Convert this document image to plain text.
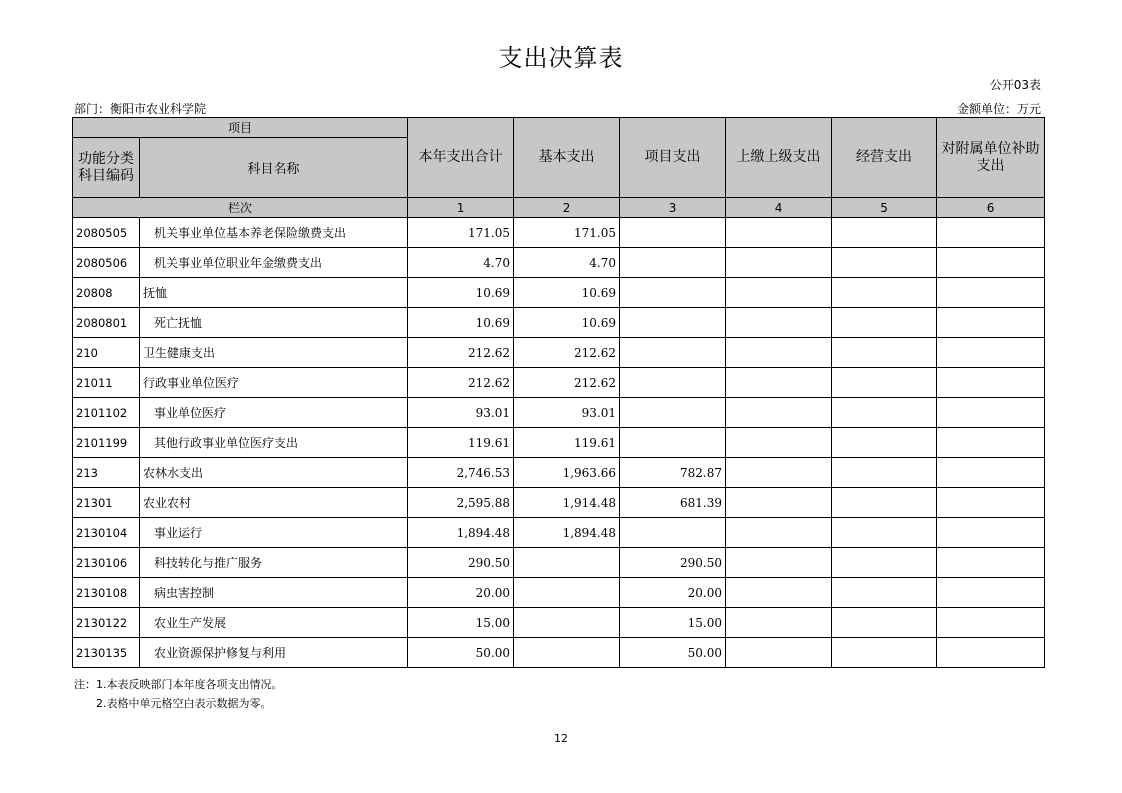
支出决算表
公开03表
部门：衡阳市农业科学院	金额单位：万元
项目		本年支出合计	基本支出	项目支出	上缴上级支出	经营支出	对附属单位补助支出
功能分类 科目编码	科目名称						
栏次		1	2	3	4	5	6
2080505	机关事业单位基本养老保险缴费支出	171.05	171.05				
2080506	机关事业单位职业年金缴费支出	4.70	4.70				
20808	抚恤	10.69	10.69				
2080801	死亡抚恤	10.69	10.69				
210	卫生健康支出	212.62	212.62				
21011	行政事业单位医疗	212.62	212.62				
2101102	事业单位医疗	93.01	93.01				
2101199	其他行政事业单位医疗支出	119.61	119.61				
213	农林水支出	2,746.53	1,963.66	782.87			
21301	农业农村	2,595.88	1,914.48	681.39			
2130104	事业运行	1,894.48	1,894.48				
2130106	科技转化与推广服务	290.50		290.50			
2130108	病虫害控制	20.00		20.00			
2130122	农业生产发展	15.00		15.00			
2130135	农业资源保护修复与利用	50.00		50.00			
注：1.本表反映部门本年度各项支出情况。
2.表格中单元格空白表示数据为零。
12
